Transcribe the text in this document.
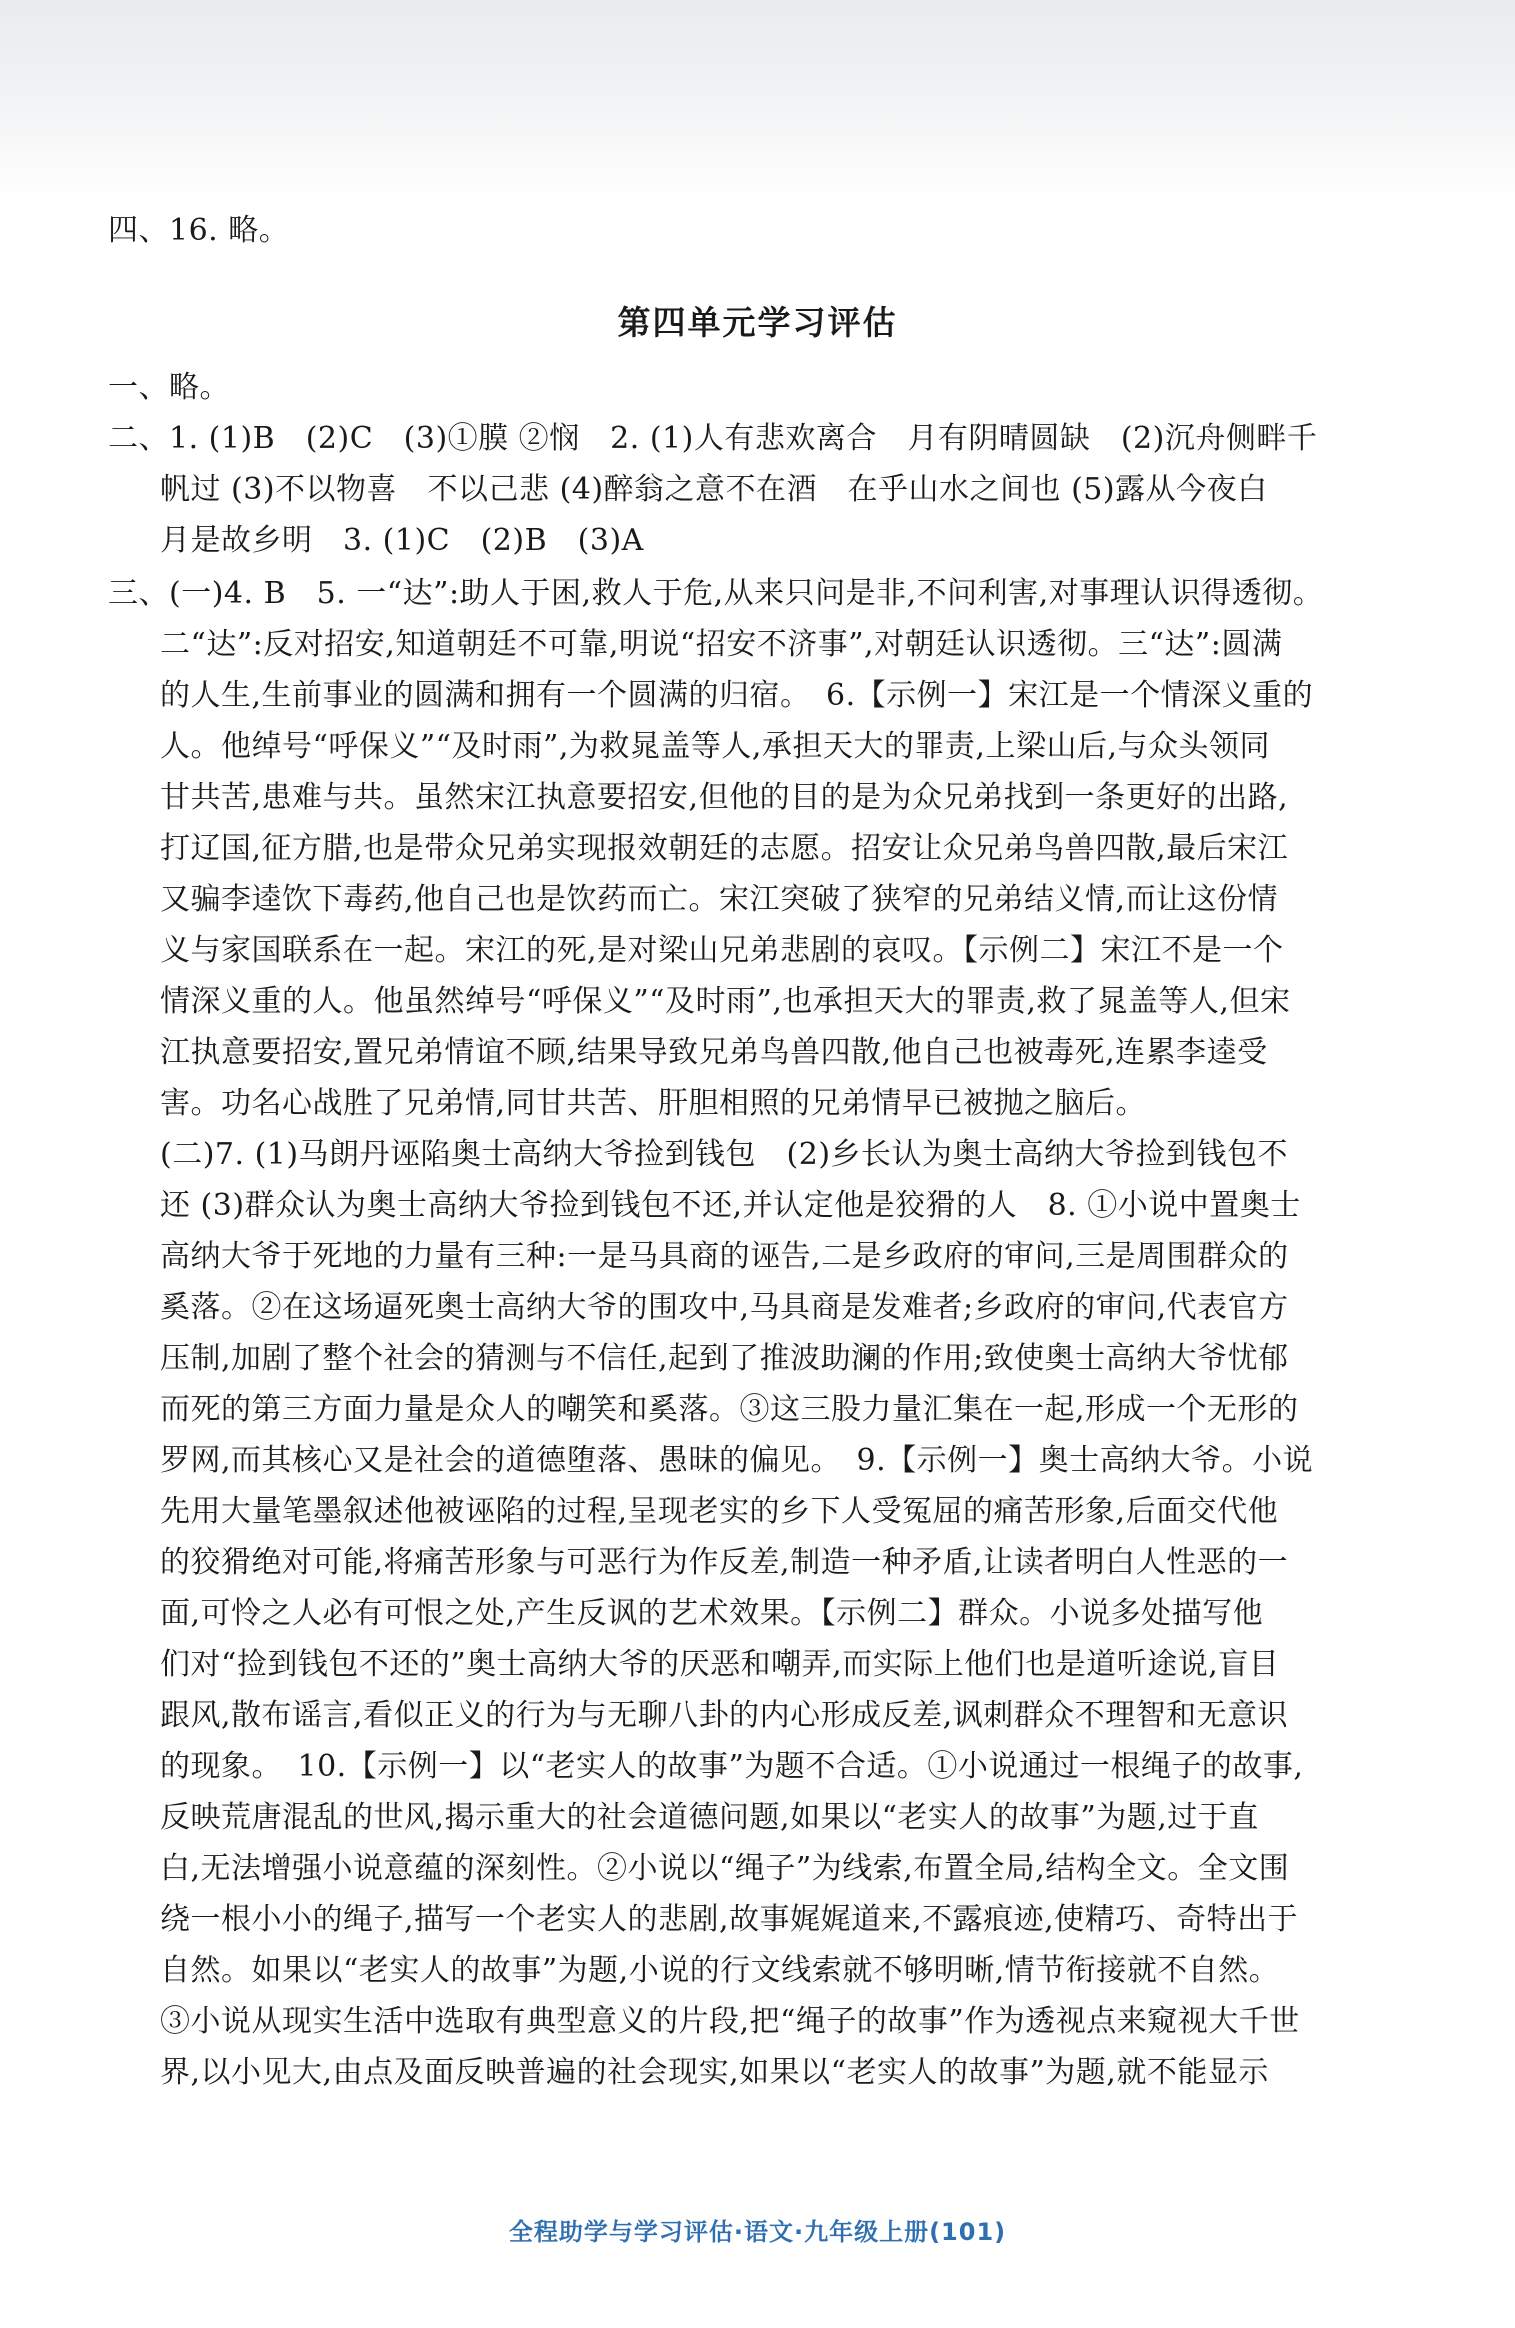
四、16. 略。
第四单元学习评估
一、略。
二、1. (1)B　(2)C　(3)①膜 ②悯　2. (1)人有悲欢离合　月有阴晴圆缺　(2)沉舟侧畔千
帆过 (3)不以物喜　不以己悲 (4)醉翁之意不在酒　在乎山水之间也 (5)露从今夜白
月是故乡明　3. (1)C　(2)B　(3)A
三、(一)4. B　5. 一“达”:助人于困,救人于危,从来只问是非,不问利害,对事理认识得透彻。
二“达”:反对招安,知道朝廷不可靠,明说“招安不济事”,对朝廷认识透彻。三“达”:圆满
的人生,生前事业的圆满和拥有一个圆满的归宿。　6.【示例一】宋江是一个情深义重的
人。他绰号“呼保义”“及时雨”,为救晁盖等人,承担天大的罪责,上梁山后,与众头领同
甘共苦,患难与共。虽然宋江执意要招安,但他的目的是为众兄弟找到一条更好的出路,
打辽国,征方腊,也是带众兄弟实现报效朝廷的志愿。招安让众兄弟鸟兽四散,最后宋江
又骗李逵饮下毒药,他自己也是饮药而亡。宋江突破了狭窄的兄弟结义情,而让这份情
义与家国联系在一起。宋江的死,是对梁山兄弟悲剧的哀叹。【示例二】宋江不是一个
情深义重的人。他虽然绰号“呼保义”“及时雨”,也承担天大的罪责,救了晁盖等人,但宋
江执意要招安,置兄弟情谊不顾,结果导致兄弟鸟兽四散,他自己也被毒死,连累李逵受
害。功名心战胜了兄弟情,同甘共苦、肝胆相照的兄弟情早已被抛之脑后。
(二)7. (1)马朗丹诬陷奥士高纳大爷捡到钱包　(2)乡长认为奥士高纳大爷捡到钱包不
还 (3)群众认为奥士高纳大爷捡到钱包不还,并认定他是狡猾的人　8. ①小说中置奥士
高纳大爷于死地的力量有三种:一是马具商的诬告,二是乡政府的审问,三是周围群众的
奚落。②在这场逼死奥士高纳大爷的围攻中,马具商是发难者;乡政府的审问,代表官方
压制,加剧了整个社会的猜测与不信任,起到了推波助澜的作用;致使奥士高纳大爷忧郁
而死的第三方面力量是众人的嘲笑和奚落。③这三股力量汇集在一起,形成一个无形的
罗网,而其核心又是社会的道德堕落、愚昧的偏见。　9.【示例一】奥士高纳大爷。小说
先用大量笔墨叙述他被诬陷的过程,呈现老实的乡下人受冤屈的痛苦形象,后面交代他
的狡猾绝对可能,将痛苦形象与可恶行为作反差,制造一种矛盾,让读者明白人性恶的一
面,可怜之人必有可恨之处,产生反讽的艺术效果。【示例二】群众。小说多处描写他
们对“捡到钱包不还的”奥士高纳大爷的厌恶和嘲弄,而实际上他们也是道听途说,盲目
跟风,散布谣言,看似正义的行为与无聊八卦的内心形成反差,讽刺群众不理智和无意识
的现象。　10.【示例一】以“老实人的故事”为题不合适。①小说通过一根绳子的故事,
反映荒唐混乱的世风,揭示重大的社会道德问题,如果以“老实人的故事”为题,过于直
白,无法增强小说意蕴的深刻性。②小说以“绳子”为线索,布置全局,结构全文。全文围
绕一根小小的绳子,描写一个老实人的悲剧,故事娓娓道来,不露痕迹,使精巧、奇特出于
自然。如果以“老实人的故事”为题,小说的行文线索就不够明晰,情节衔接就不自然。
③小说从现实生活中选取有典型意义的片段,把“绳子的故事”作为透视点来窥视大千世
界,以小见大,由点及面反映普遍的社会现实,如果以“老实人的故事”为题,就不能显示
全程助学与学习评估·语文·九年级上册(101)
